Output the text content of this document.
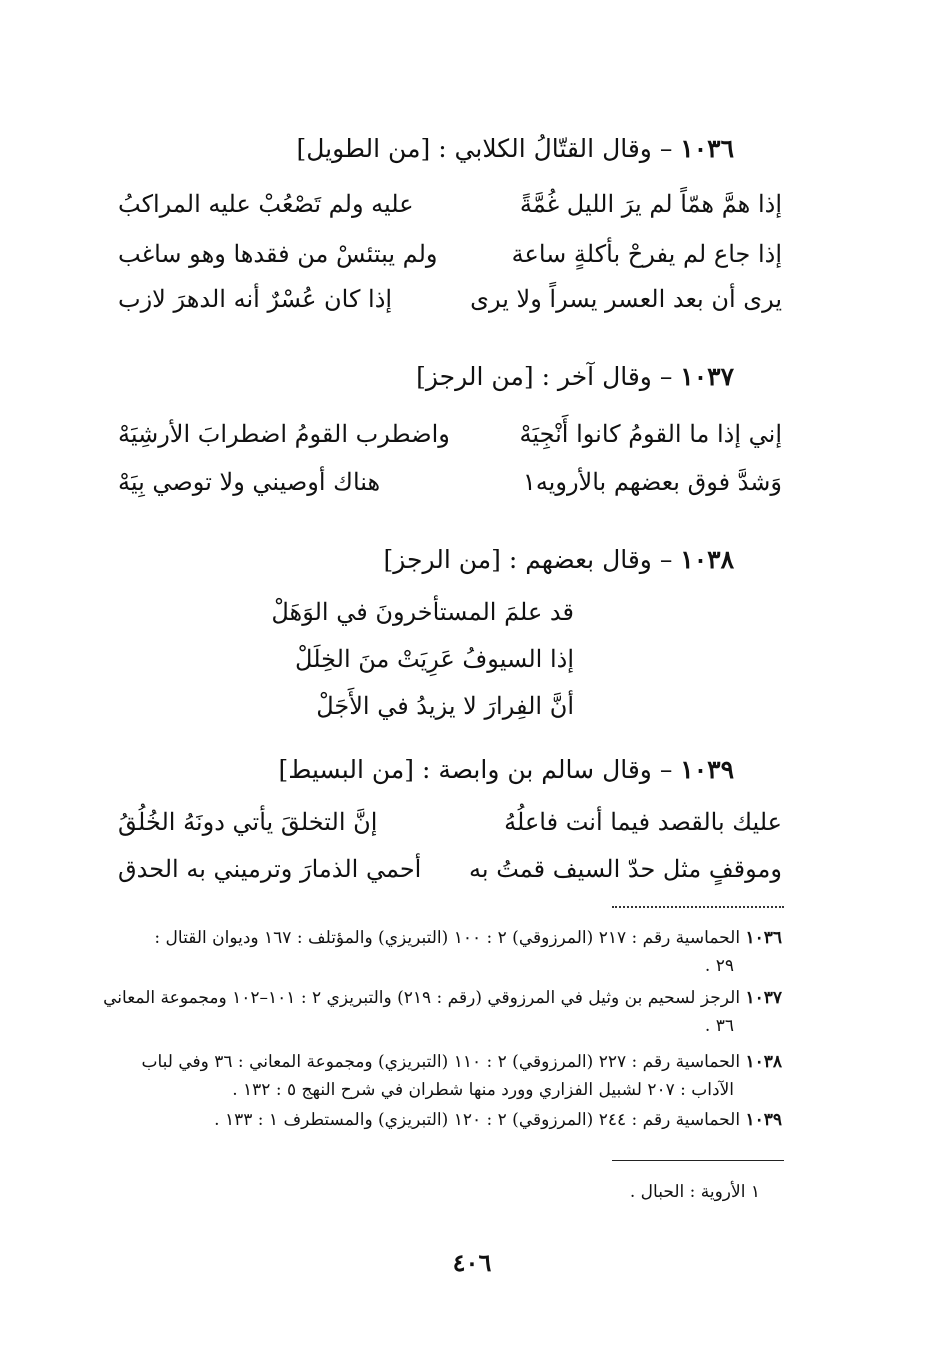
١٠٣٦ – وقال القتّالُ الكلابي : [من الطويل]
إذا همَّ همّاً لم يرَ الليل غُمَّةً
عليه ولم تَصْعُبْ عليه المراكبُ
إذا جاع لم يفرحْ بأكلةٍ ساعة
ولم يبتئسْ من فقدها وهو ساغب
يرى أن بعد العسر يسراً ولا يرى
إذا كان عُسْرٌ أنه الدهرَ لازب
١٠٣٧ – وقال آخر : [من الرجز]
إني إذا ما القومُ كانوا أَنْجِيَهْ
واضطرب القومُ اضطرابَ الأرشِيَهْ
وَشدَّ فوق بعضهم بالأرويه١
هناك أوصيني ولا توصي بِيَهْ
١٠٣٨ – وقال بعضهم : [من الرجز]
قد علمَ المستأخرونَ في الوَهَلْ
إذا السيوفُ عَرِيَتْ منَ الخِلَلْ
أنَّ الفِرارَ لا يزيدُ في الأَجَلْ
١٠٣٩ – وقال سالم بن وابصة : [من البسيط]
عليك بالقصد فيما أنت فاعلُهُ
إنَّ التخلقَ يأتي دونَهُ الخُلُقُ
وموقفٍ مثل حدّ السيف قمتُ به
أحمي الذمارَ وترميني به الحدق
١٠٣٦ الحماسية رقم : ٢١٧ (المرزوقي) ٢ : ١٠٠ (التبريزي) والمؤتلف : ١٦٧ وديوان القتال :
٢٩ .
١٠٣٧ الرجز لسحيم بن وثيل في المرزوقي (رقم : ٢١٩) والتبريزي ٢ : ١٠١–١٠٢ ومجموعة المعاني
٣٦ .
١٠٣٨ الحماسية رقم : ٢٢٧ (المرزوقي) ٢ : ١١٠ (التبريزي) ومجموعة المعاني : ٣٦ وفي لباب
الآداب : ٢٠٧ لشبيل الفزاري وورد منها شطران في شرح النهج ٥ : ١٣٢ .
١٠٣٩ الحماسية رقم : ٢٤٤ (المرزوقي) ٢ : ١٢٠ (التبريزي) والمستطرف ١ : ١٣٣ .
١ الأروية : الحبال .
٤٠٦
